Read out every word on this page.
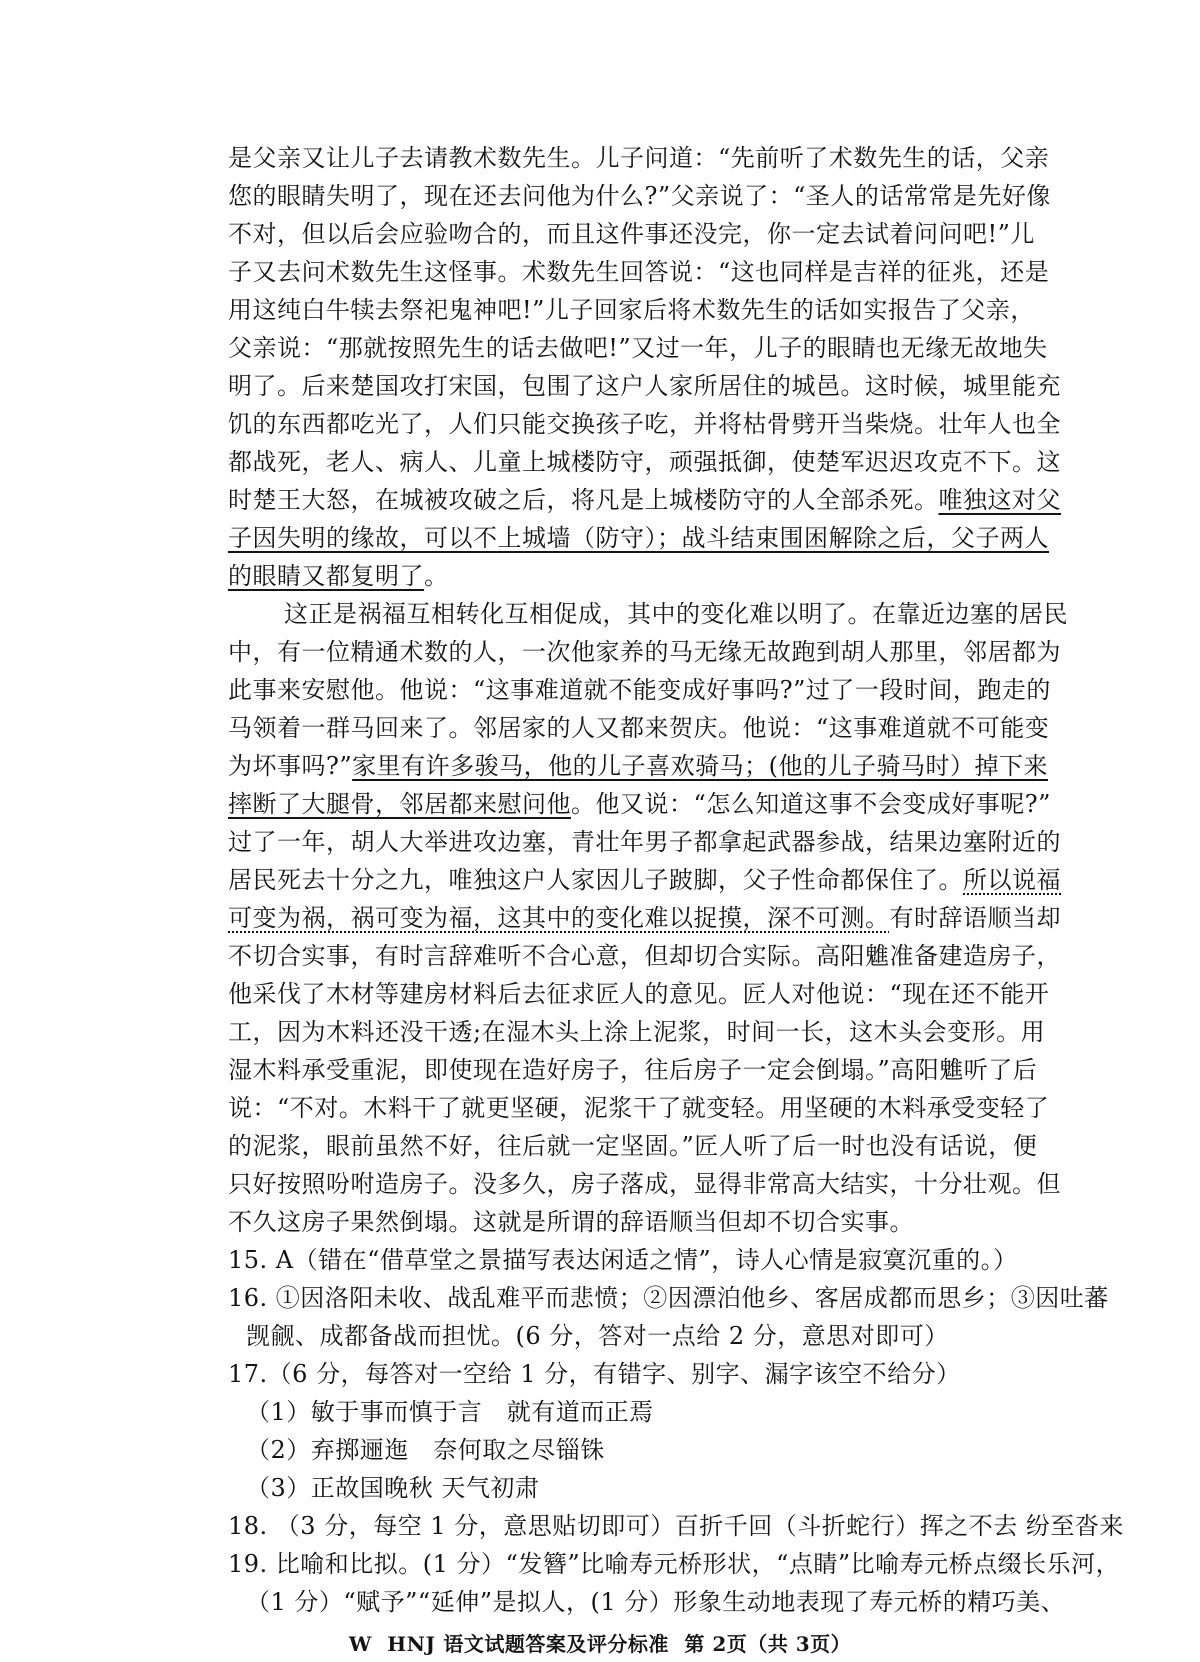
是父亲又让儿子去请教术数先生。儿子问道：“先前听了术数先生的话，父亲
您的眼睛失明了，现在还去问他为什么?”父亲说了：“圣人的话常常是先好像
不对，但以后会应验吻合的，而且这件事还没完，你一定去试着问问吧!”儿
子又去问术数先生这怪事。术数先生回答说：“这也同样是吉祥的征兆，还是
用这纯白牛犊去祭祀鬼神吧!”儿子回家后将术数先生的话如实报告了父亲，
父亲说：“那就按照先生的话去做吧!”又过一年，儿子的眼睛也无缘无故地失
明了。后来楚国攻打宋国，包围了这户人家所居住的城邑。这时候，城里能充
饥的东西都吃光了，人们只能交换孩子吃，并将枯骨劈开当柴烧。壮年人也全
都战死，老人、病人、儿童上城楼防守，顽强抵御，使楚军迟迟攻克不下。这
时楚王大怒，在城被攻破之后，将凡是上城楼防守的人全部杀死。唯独这对父
子因失明的缘故，可以不上城墙（防守）；战斗结束围困解除之后，父子两人
的眼睛又都复明了。
这正是祸福互相转化互相促成，其中的变化难以明了。在靠近边塞的居民
中，有一位精通术数的人，一次他家养的马无缘无故跑到胡人那里，邻居都为
此事来安慰他。他说：“这事难道就不能变成好事吗?”过了一段时间，跑走的
马领着一群马回来了。邻居家的人又都来贺庆。他说：“这事难道就不可能变
为坏事吗?”家里有许多骏马，他的儿子喜欢骑马；(他的儿子骑马时）掉下来
摔断了大腿骨，邻居都来慰问他。他又说：“怎么知道这事不会变成好事呢?”
过了一年，胡人大举进攻边塞，青壮年男子都拿起武器参战，结果边塞附近的
居民死去十分之九，唯独这户人家因儿子跛脚，父子性命都保住了。所以说福
可变为祸，祸可变为福，这其中的变化难以捉摸，深不可测。有时辞语顺当却
不切合实事，有时言辞难听不合心意，但却切合实际。高阳魋准备建造房子，
他采伐了木材等建房材料后去征求匠人的意见。匠人对他说：“现在还不能开
工，因为木料还没干透;在湿木头上涂上泥浆，时间一长，这木头会变形。用
湿木料承受重泥，即使现在造好房子，往后房子一定会倒塌。”高阳魋听了后
说：“不对。木料干了就更坚硬，泥浆干了就变轻。用坚硬的木料承受变轻了
的泥浆，眼前虽然不好，往后就一定坚固。”匠人听了后一时也没有话说，便
只好按照吩咐造房子。没多久，房子落成，显得非常高大结实，十分壮观。但
不久这房子果然倒塌。这就是所谓的辞语顺当但却不切合实事。
15. A（错在“借草堂之景描写表达闲适之情”，诗人心情是寂寞沉重的。）
16. ①因洛阳未收、战乱难平而悲愤；②因漂泊他乡、客居成都而思乡；③因吐蕃
觊觎、成都备战而担忧。(6 分，答对一点给 2 分，意思对即可）
17.（6 分，每答对一空给 1 分，有错字、别字、漏字该空不给分）
（1）敏于事而慎于言　就有道而正焉
（2）弃掷逦迤　奈何取之尽锱铢
（3）正故国晚秋 天气初肃
18. （3 分，每空 1 分，意思贴切即可）百折千回（斗折蛇行）挥之不去 纷至沓来
19. 比喻和比拟。(1 分）“发簪”比喻寿元桥形状，“点睛”比喻寿元桥点缀长乐河，
（1 分）“赋予”“延伸”是拟人，(1 分）形象生动地表现了寿元桥的精巧美、
W HNJ 语文试题答案及评分标准 第 2页（共 3页）
